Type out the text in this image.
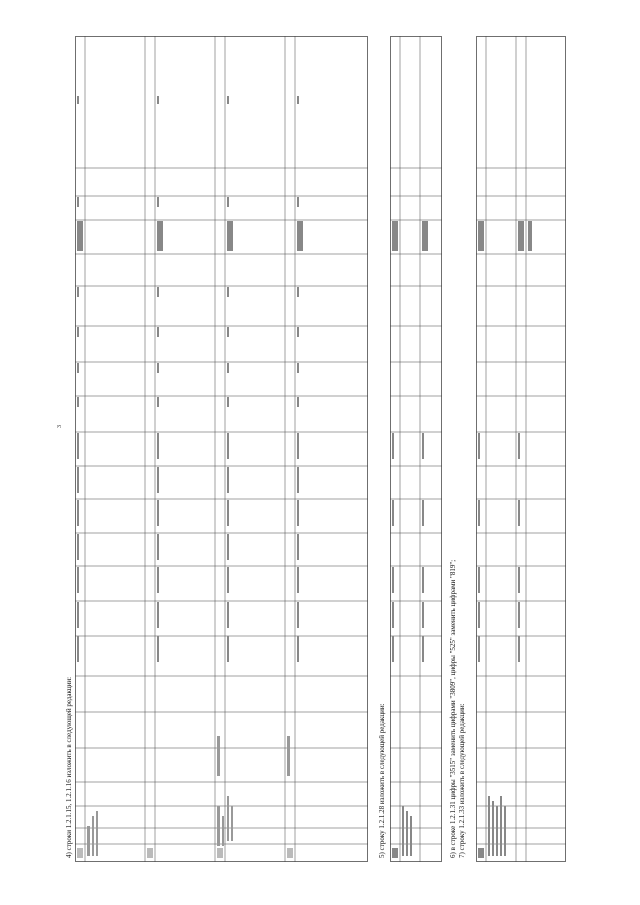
3
4) строки 1.2.1.15, 1.2.1.16 изложить в следующей редакции:	5) строку 1.2.1.28 изложить в следующей редакции:	6) в строке 1.2.1.31 цифры "3515" заменить цифрами "3809", цифры "525" заменить цифрами "819"; 7) строку 1.2.1.33 изложить в следующей редакции:
